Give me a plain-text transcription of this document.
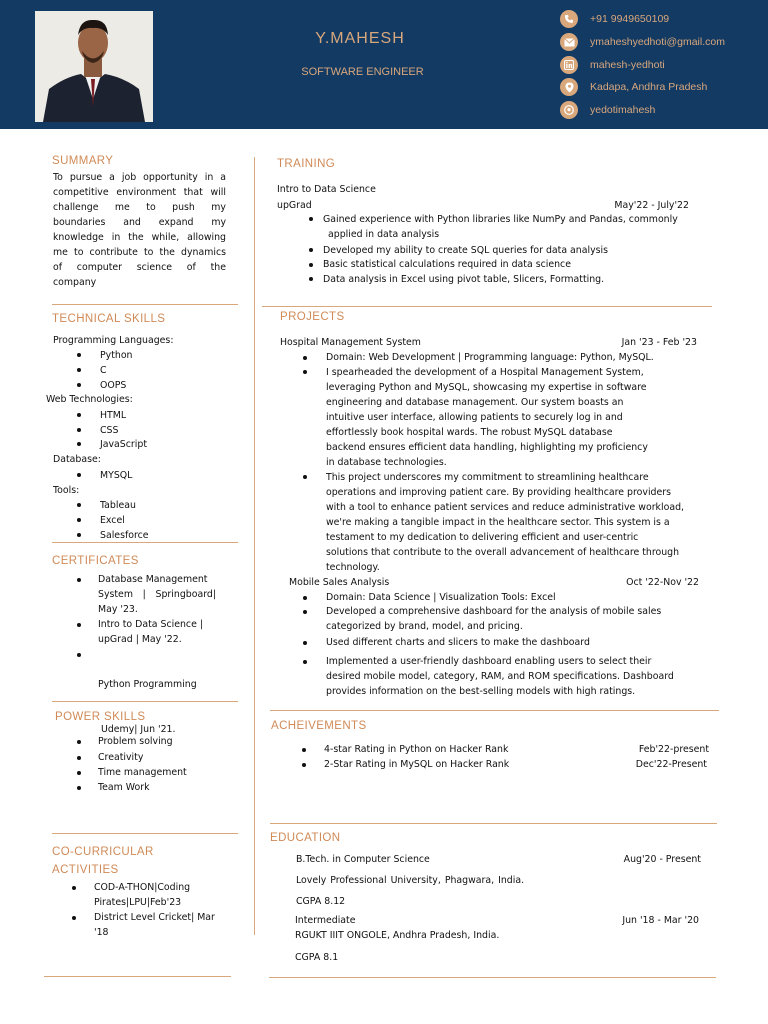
Y.MAHESH
SOFTWARE ENGINEER
+91 9949650109
ymaheshyedhoti@gmail.com
mahesh-yedhoti
Kadapa, Andhra Pradesh
yedotimahesh
SUMMARY
To pursue a job opportunity in a
competitive environment that will
challenge me to push my
boundaries and expand my
knowledge in the while, allowing
me to contribute to the dynamics
of computer science of the
company
TECHNICAL SKILLS
Programming Languages:
Python
C
OOPS
Web Technologies:
HTML
CSS
JavaScript
Database:
MYSQL
Tools:
Tableau
Excel
Salesforce
CERTIFICATES
Database Management
System | Springboard|
May '23.
Intro to Data Science |
upGrad | May '22.

Python Programming

Udemy| Jun '21.

POWER SKILLS
Problem solving
Creativity
Time management
Team Work
CO-CURRICULAR
ACTIVITIES
COD-A-THON|Coding
Pirates|LPU|Feb'23
District Level Cricket| Mar
'18
TRAINING
Intro to Data Science
upGrad	May'22 - July'22
Gained experience with Python libraries like NumPy and Pandas, commonly
applied in data analysis
Developed my ability to create SQL queries for data analysis
Basic statistical calculations required in data science
Data analysis in Excel using pivot table, Slicers, Formatting.
PROJECTS
Hospital Management System	Jan '23 - Feb '23
Domain: Web Development | Programming language: Python, MySQL.
I spearheaded the development of a Hospital Management System,
leveraging Python and MySQL, showcasing my expertise in software
engineering and database management. Our system boasts an
intuitive user interface, allowing patients to securely log in and
effortlessly book hospital wards. The robust MySQL database
backend ensures efficient data handling, highlighting my proficiency
in database technologies.
This project underscores my commitment to streamlining healthcare
operations and improving patient care. By providing healthcare providers
with a tool to enhance patient services and reduce administrative workload,
we're making a tangible impact in the healthcare sector. This system is a
testament to my dedication to delivering efficient and user-centric
solutions that contribute to the overall advancement of healthcare through
technology.
Mobile Sales Analysis	Oct '22-Nov '22
Domain: Data Science | Visualization Tools: Excel
Developed a comprehensive dashboard for the analysis of mobile sales
categorized by brand, model, and pricing.
Used different charts and slicers to make the dashboard
Implemented a user-friendly dashboard enabling users to select their
desired mobile model, category, RAM, and ROM specifications. Dashboard
provides information on the best-selling models with high ratings.
ACHEIVEMENTS
4-star Rating in Python on Hacker Rank	Feb'22-present
2-Star Rating in MySQL on Hacker Rank	Dec'22-Present
EDUCATION
B.Tech. in Computer Science	Aug'20 - Present
Lovely Professional University, Phagwara, India.
CGPA 8.12
Intermediate	Jun '18 - Mar '20
RGUKT IIIT ONGOLE, Andhra Pradesh, India.
CGPA 8.1
